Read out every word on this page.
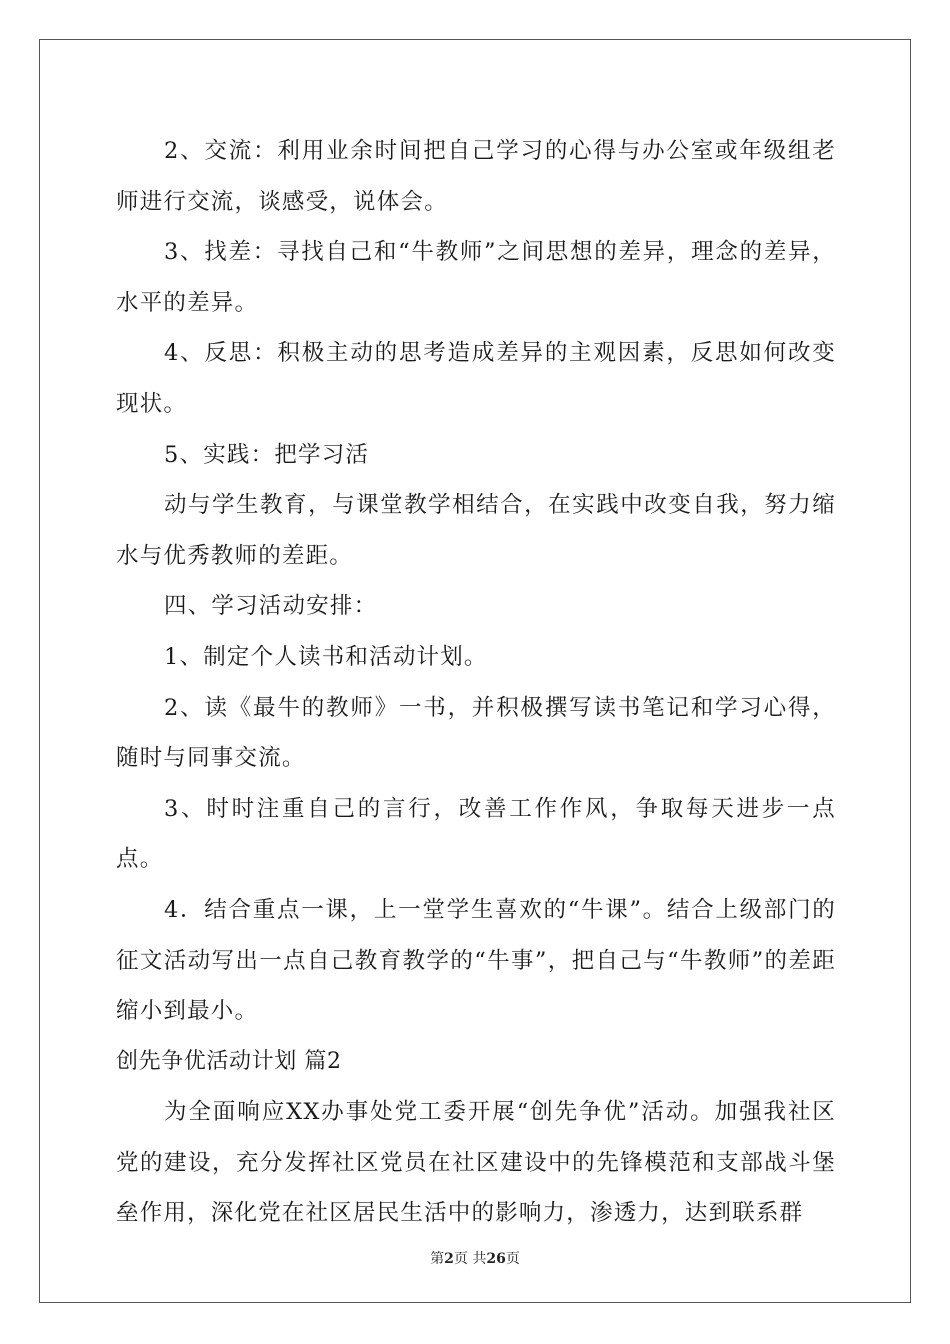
2、交流：利用业余时间把自己学习的心得与办公室或年级组老师进行交流，谈感受，说体会。

3、找差：寻找自己和“牛教师”之间思想的差异，理念的差异，水平的差异。

4、反思：积极主动的思考造成差异的主观因素，反思如何改变现状。

5、实践：把学习活

动与学生教育，与课堂教学相结合，在实践中改变自我，努力缩水与优秀教师的差距。

四、学习活动安排：

1、制定个人读书和活动计划。

2、读《最牛的教师》一书，并积极撰写读书笔记和学习心得，随时与同事交流。

3、时时注重自己的言行，改善工作作风，争取每天进步一点点。

4．结合重点一课，上一堂学生喜欢的“牛课”。结合上级部门的征文活动写出一点自己教育教学的“牛事”，把自己与“牛教师”的差距缩小到最小。

创先争优活动计划 篇2

为全面响应XX办事处党工委开展“创先争优”活动。加强我社区党的建设，充分发挥社区党员在社区建设中的先锋模范和支部战斗堡垒作用，深化党在社区居民生活中的影响力，渗透力，达到联系群

第2页 共26页
